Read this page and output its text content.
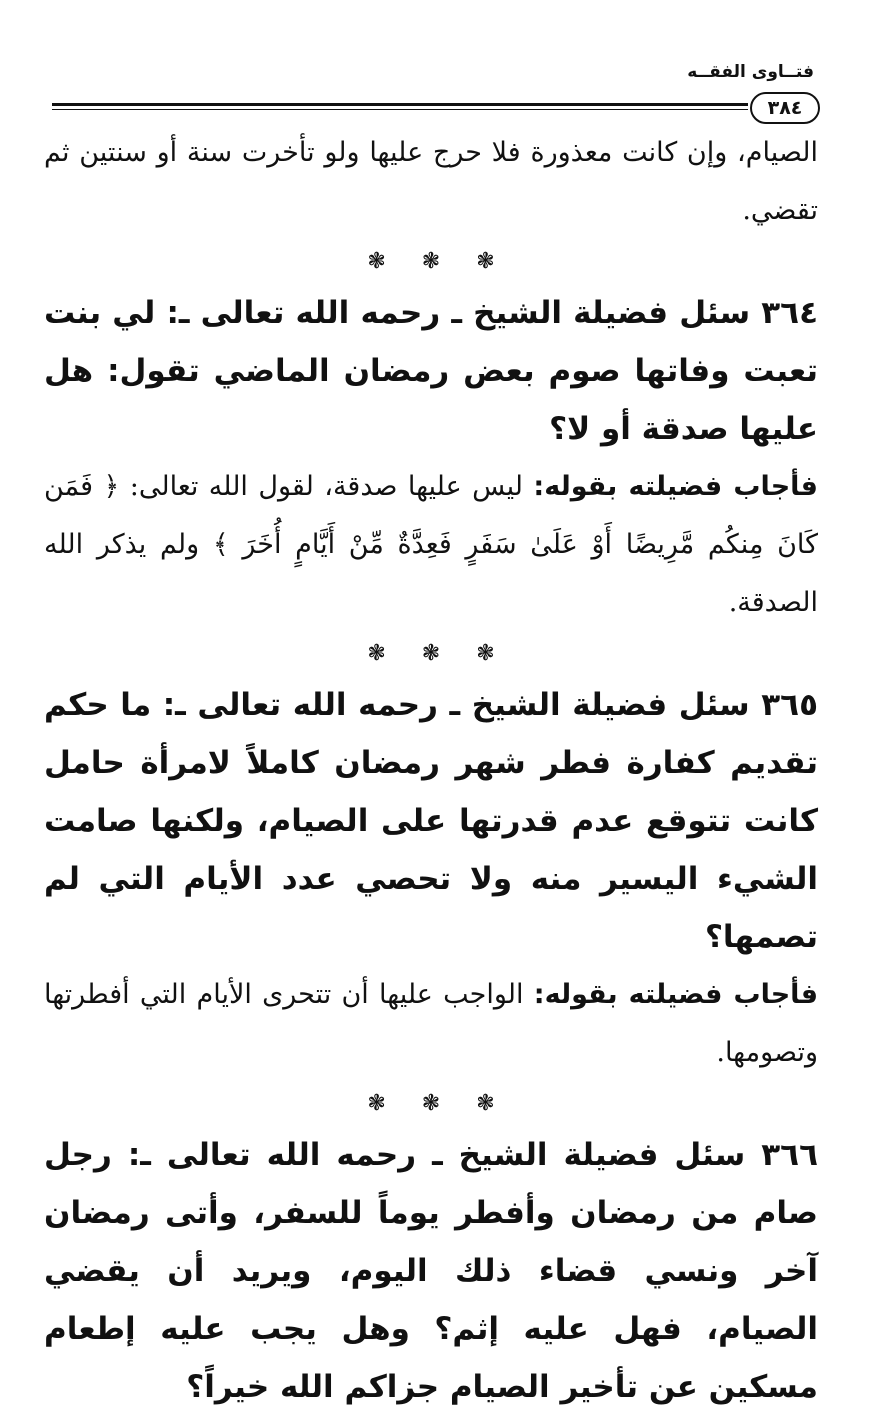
فتــاوى الفقــه
٣٨٤

الصيام، وإن كانت معذورة فلا حرج عليها ولو تأخرت سنة أو سنتين ثم تقضي.

❃❃❃

٣٦٤ سئل فضيلة الشيخ ـ رحمه الله تعالى ـ: لي بنت تعبت وفاتها صوم بعض رمضان الماضي تقول: هل عليها صدقة أو لا؟

فأجاب فضيلته بقوله: ليس عليها صدقة، لقول الله تعالى: ﴿ فَمَن كَانَ مِنكُم مَّرِيضًا أَوْ عَلَىٰ سَفَرٍ فَعِدَّةٌ مِّنْ أَيَّامٍ أُخَرَ ﴾ ولم يذكر الله الصدقة.

❃❃❃

٣٦٥ سئل فضيلة الشيخ ـ رحمه الله تعالى ـ: ما حكم تقديم كفارة فطر شهر رمضان كاملاً لامرأة حامل كانت تتوقع عدم قدرتها على الصيام، ولكنها صامت الشيء اليسير منه ولا تحصي عدد الأيام التي لم تصمها؟

فأجاب فضيلته بقوله: الواجب عليها أن تتحرى الأيام التي أفطرتها وتصومها.

❃❃❃

٣٦٦ سئل فضيلة الشيخ ـ رحمه الله تعالى ـ: رجل صام من رمضان وأفطر يوماً للسفر، وأتى رمضان آخر ونسي قضاء ذلك اليوم، ويريد أن يقضي الصيام، فهل عليه إثم؟ وهل يجب عليه إطعام مسكين عن تأخير الصيام جزاكم الله خيراً؟
